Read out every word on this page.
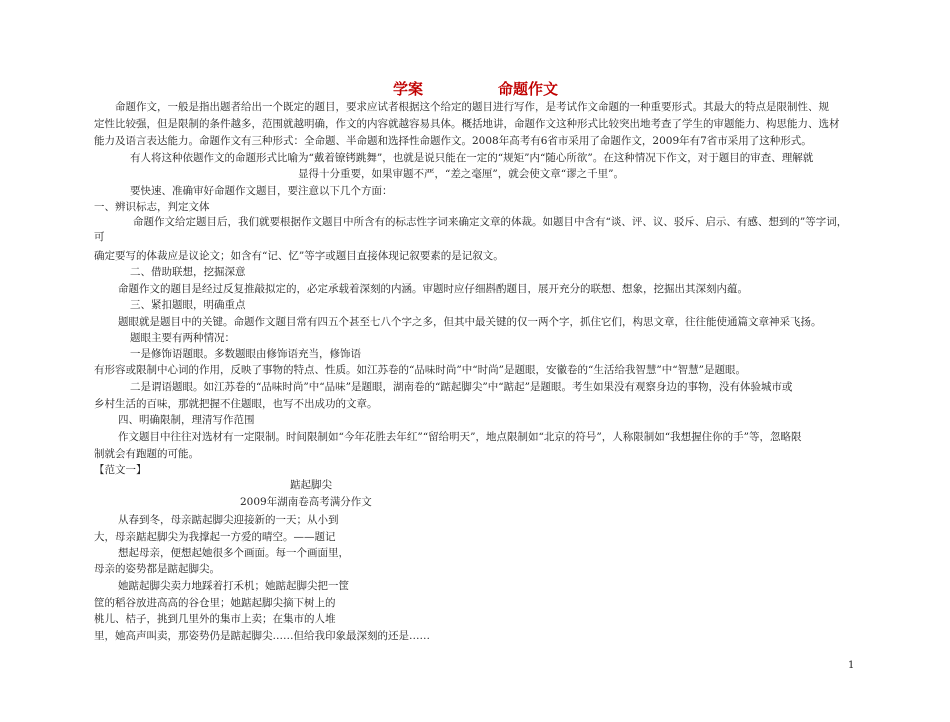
学案	命题作文
命题作文，一般是指出题者给出一个既定的题目，要求应试者根据这个给定的题目进行写作，是考试作文命题的一种重要形式。其最大的特点是限制性、规
定性比较强，但是限制的条件越多，范围就越明确，作文的内容就越容易具体。概括地讲，命题作文这种形式比较突出地考查了学生的审题能力、构思能力、选材
能力及语言表达能力。命题作文有三种形式：全命题、半命题和选择性命题作文。2008年高考有6省市采用了命题作文，2009年有7省市采用了这种形式。
有人将这种依题作文的命题形式比喻为“戴着镣铐跳舞”，也就是说只能在一定的“规矩”内“随心所欲”。在这种情况下作文，对于题目的审查、理解就
显得十分重要，如果审题不严，“差之毫厘”，就会使文章“谬之千里”。
要快速、准确审好命题作文题目，要注意以下几个方面：
一、辨识标志，判定文体
命题作文给定题目后，我们就要根据作文题目中所含有的标志性字词来确定文章的体裁。如题目中含有“谈、评、议、驳斥、启示、有感、想到的”等字词，
可
确定要写的体裁应是议论文；如含有“记、忆”等字或题目直接体现记叙要素的是记叙文。
二、借助联想，挖掘深意
命题作文的题目是经过反复推敲拟定的，必定承载着深刻的内涵。审题时应仔细斟酌题目，展开充分的联想、想象，挖掘出其深刻内蕴。
三、紧扣题眼，明确重点
题眼就是题目中的关键。命题作文题目常有四五个甚至七八个字之多，但其中最关键的仅一两个字，抓住它们，构思文章，往往能使通篇文章神采飞扬。
题眼主要有两种情况：
一是修饰语题眼。多数题眼由修饰语充当，修饰语
有形容或限制中心词的作用，反映了事物的特点、性质。如江苏卷的“品味时尚”中“时尚”是题眼，安徽卷的“生活给我智慧”中“智慧”是题眼。
二是谓语题眼。如江苏卷的“品味时尚”中“品味”是题眼，湖南卷的“踮起脚尖”中“踮起”是题眼。考生如果没有观察身边的事物，没有体验城市或
乡村生活的百味，那就把握不住题眼，也写不出成功的文章。
四、明确限制，理清写作范围
作文题目中往往对选材有一定限制。时间限制如“今年花胜去年红”“留给明天”，地点限制如“北京的符号”，人称限制如“我想握住你的手”等，忽略限
制就会有跑题的可能。
【范文一】
踮起脚尖
2009年湖南卷高考满分作文
从春到冬，母亲踮起脚尖迎接新的一天；从小到
大，母亲踮起脚尖为我撑起一方爱的晴空。——题记
想起母亲，便想起她很多个画面。每一个画面里，
母亲的姿势都是踮起脚尖。
她踮起脚尖卖力地踩着打禾机；她踮起脚尖把一筐
筐的稻谷放进高高的谷仓里；她踮起脚尖摘下树上的
桃儿、桔子，挑到几里外的集市上卖；在集市的人堆
里，她高声叫卖，那姿势仍是踮起脚尖……但给我印象最深刻的还是……
1
